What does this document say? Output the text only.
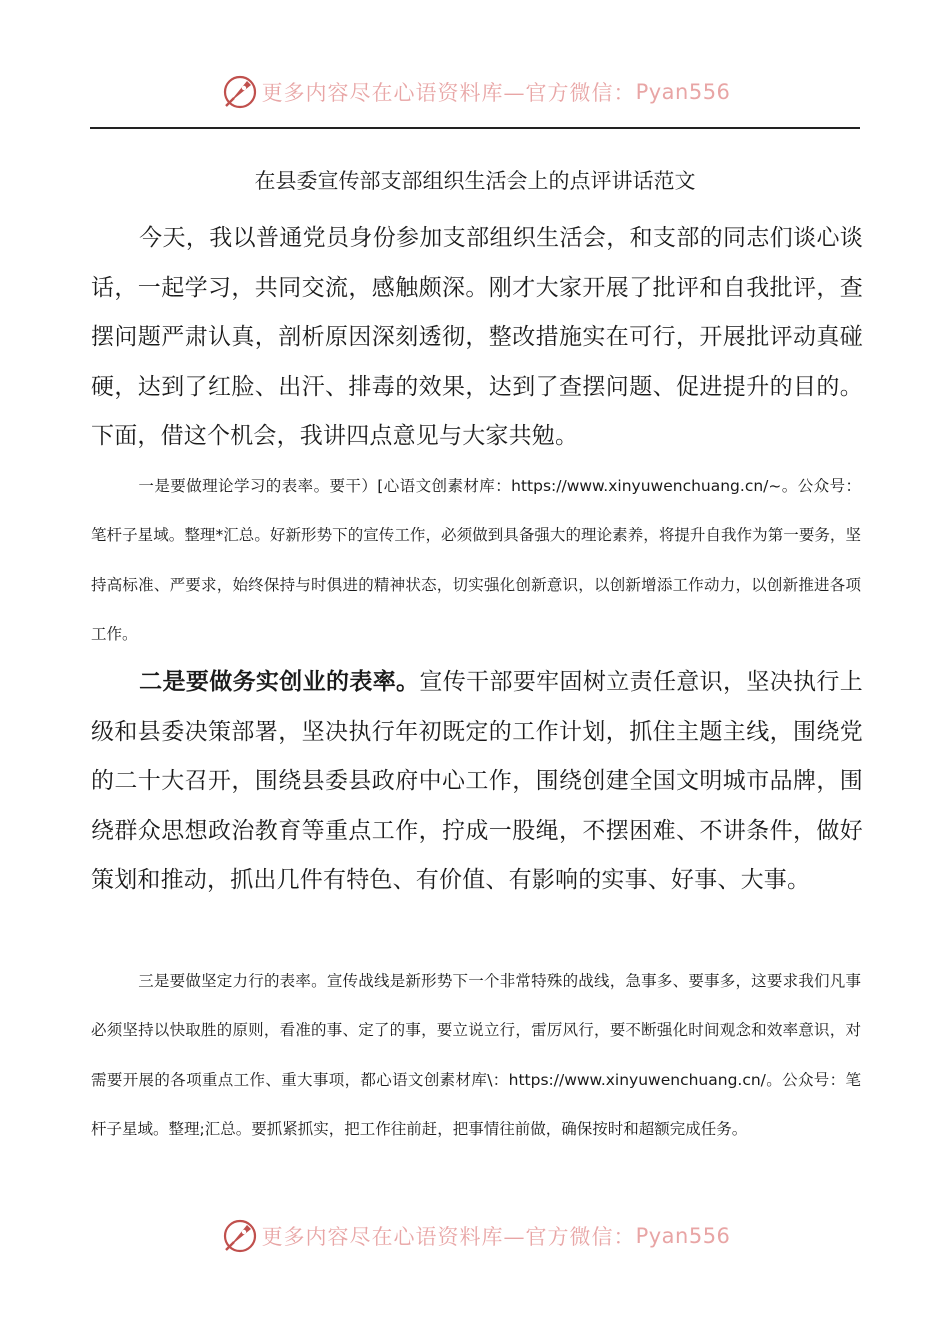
更多内容尽在心语资料库—官方微信： Pyan556
在县委宣传部支部组织生活会上的点评讲话范文
今天，我以普通党员身份参加支部组织生活会，和支部的同志们谈心谈话，一起学习，共同交流，感触颇深。刚才大家开展了批评和自我批评，查摆问题严肃认真，剖析原因深刻透彻，整改措施实在可行，开展批评动真碰硬，达到了红脸、出汗、排毒的效果，达到了查摆问题、促进提升的目的。下面，借这个机会，我讲四点意见与大家共勉。
一是要做理论学习的表率。要干）[心语文创素材库：https://www.xinyuwenchuang.cn/~。公众号：笔杆子星域。整理*汇总。好新形势下的宣传工作，必须做到具备强大的理论素养，将提升自我作为第一要务，坚持高标准、严要求，始终保持与时俱进的精神状态，切实强化创新意识，以创新增添工作动力，以创新推进各项工作。
二是要做务实创业的表率。宣传干部要牢固树立责任意识，坚决执行上级和县委决策部署，坚决执行年初既定的工作计划，抓住主题主线，围绕党的二十大召开，围绕县委县政府中心工作，围绕创建全国文明城市品牌，围绕群众思想政治教育等重点工作，拧成一股绳，不摆困难、不讲条件，做好策划和推动，抓出几件有特色、有价值、有影响的实事、好事、大事。
三是要做坚定力行的表率。宣传战线是新形势下一个非常特殊的战线，急事多、要事多，这要求我们凡事必须坚持以快取胜的原则，看准的事、定了的事，要立说立行，雷厉风行，要不断强化时间观念和效率意识，对需要开展的各项重点工作、重大事项，都心语文创素材库\：https://www.xinyuwenchuang.cn/。公众号：笔杆子星域。整理;汇总。要抓紧抓实，把工作往前赶，把事情往前做，确保按时和超额完成任务。
更多内容尽在心语资料库—官方微信： Pyan556
